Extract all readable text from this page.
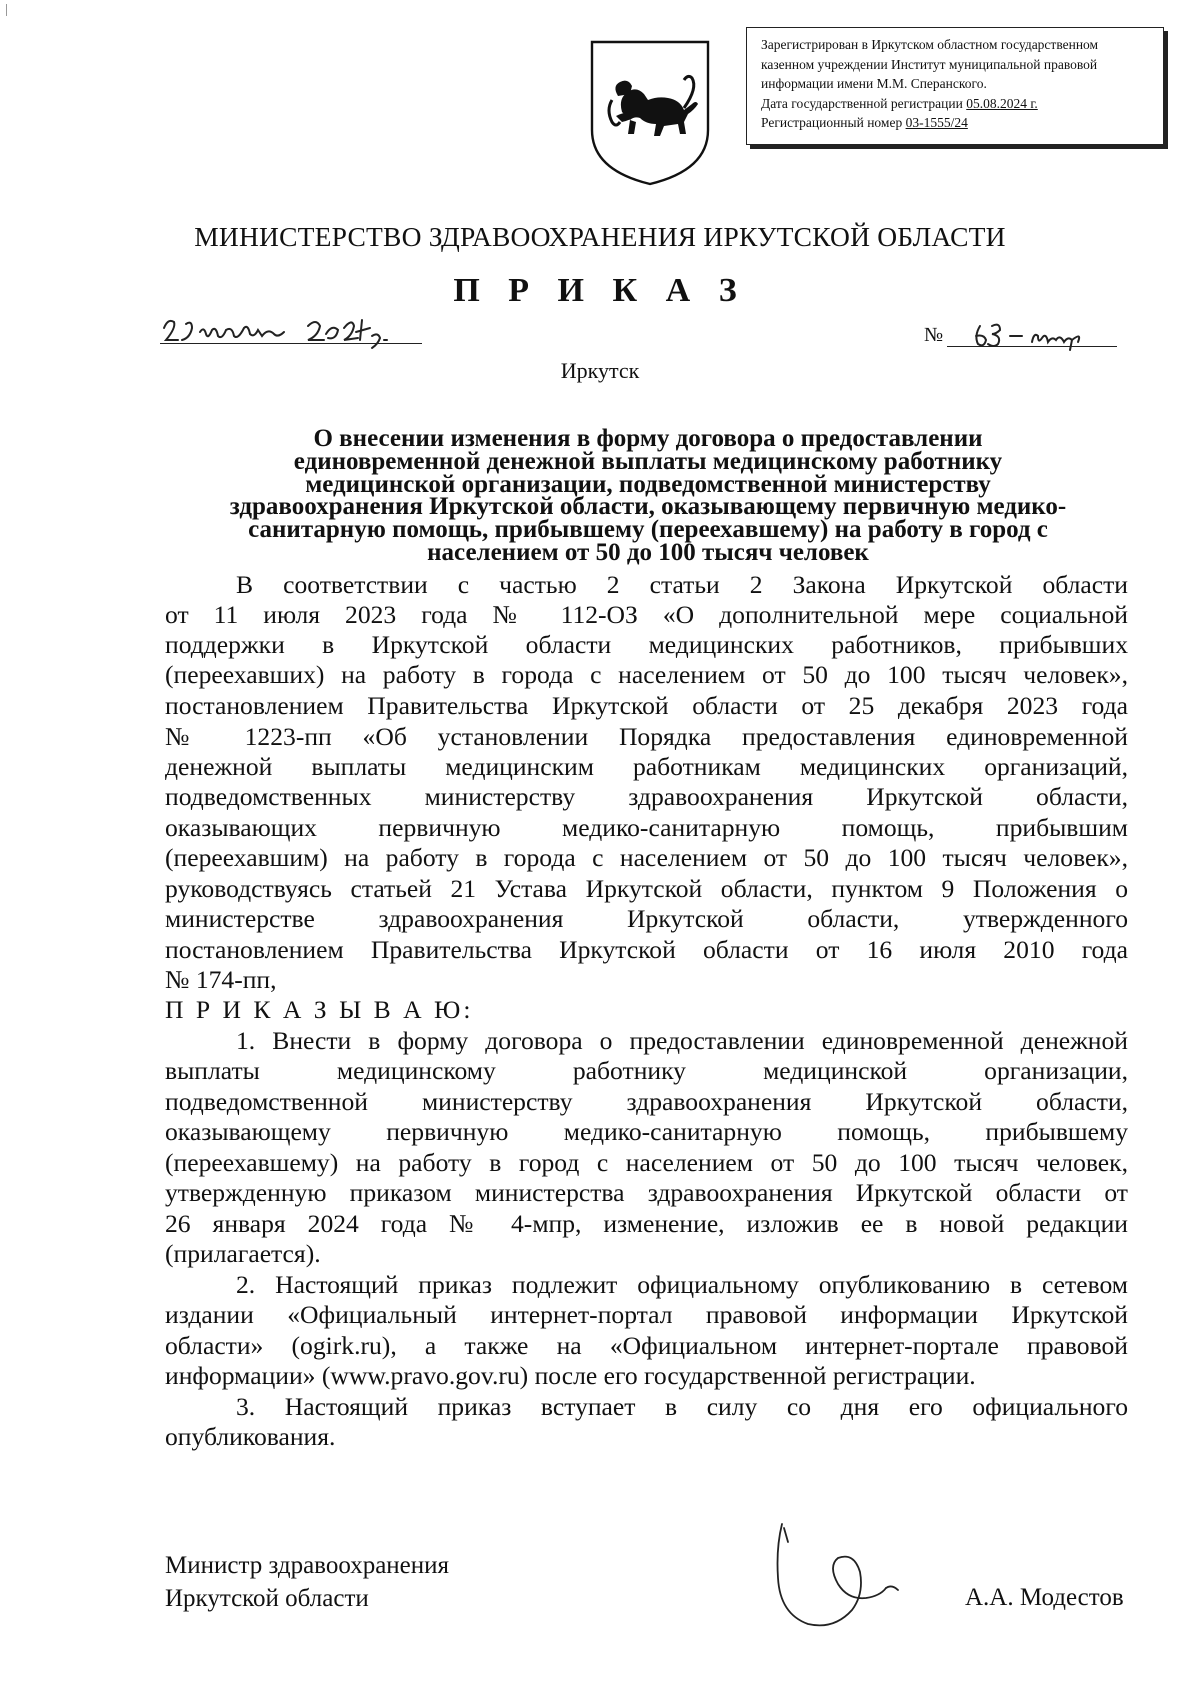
Зарегистрирован в Иркутском областном государственном
казенном учреждении Институт муниципальной правовой
информации имени М.М. Сперанского.
Дата государственной регистрации 05.08.2024 г.
Регистрационный номер 03-1555/24
МИНИСТЕРСТВО ЗДРАВООХРАНЕНИЯ ИРКУТСКОЙ ОБЛАСТИ
П Р И К А З
№
Иркутск
О внесении изменения в форму договора о предоставлении
единовременной денежной выплаты медицинскому работнику
медицинской организации, подведомственной министерству
здравоохранения Иркутской области, оказывающему первичную медико-
санитарную помощь, прибывшему (переехавшему) на работу в город с
населением от 50 до 100 тысяч человек
В соответствии с частью 2 статьи 2 Закона Иркутской области
от 11 июля 2023 года № 112-ОЗ «О дополнительной мере социальной
поддержки в Иркутской области медицинских работников, прибывших
(переехавших) на работу в города с населением от 50 до 100 тысяч человек»,
постановлением Правительства Иркутской области от 25 декабря 2023 года
№ 1223-пп «Об установлении Порядка предоставления единовременной
денежной выплаты медицинским работникам медицинских организаций,
подведомственных министерству здравоохранения Иркутской области,
оказывающих первичную медико-санитарную помощь, прибывшим
(переехавшим) на работу в города с населением от 50 до 100 тысяч человек»,
руководствуясь статьей 21 Устава Иркутской области, пунктом 9 Положения о
министерстве здравоохранения Иркутской области, утвержденного
постановлением Правительства Иркутской области от 16 июля 2010 года
№ 174-пп,
П Р И К А З Ы В А Ю:
1. Внести в форму договора о предоставлении единовременной денежной
выплаты медицинскому работнику медицинской организации,
подведомственной министерству здравоохранения Иркутской области,
оказывающему первичную медико-санитарную помощь, прибывшему
(переехавшему) на работу в город с населением от 50 до 100 тысяч человек,
утвержденную приказом министерства здравоохранения Иркутской области от
26 января 2024 года № 4-мпр, изменение, изложив ее в новой редакции
(прилагается).
2. Настоящий приказ подлежит официальному опубликованию в сетевом
издании «Официальный интернет-портал правовой информации Иркутской
области» (ogirk.ru), а также на «Официальном интернет-портале правовой
информации» (www.pravo.gov.ru) после его государственной регистрации.
3. Настоящий приказ вступает в силу со дня его официального
опубликования.
Министр здравоохранения
Иркутской области	А.А. Модестов
